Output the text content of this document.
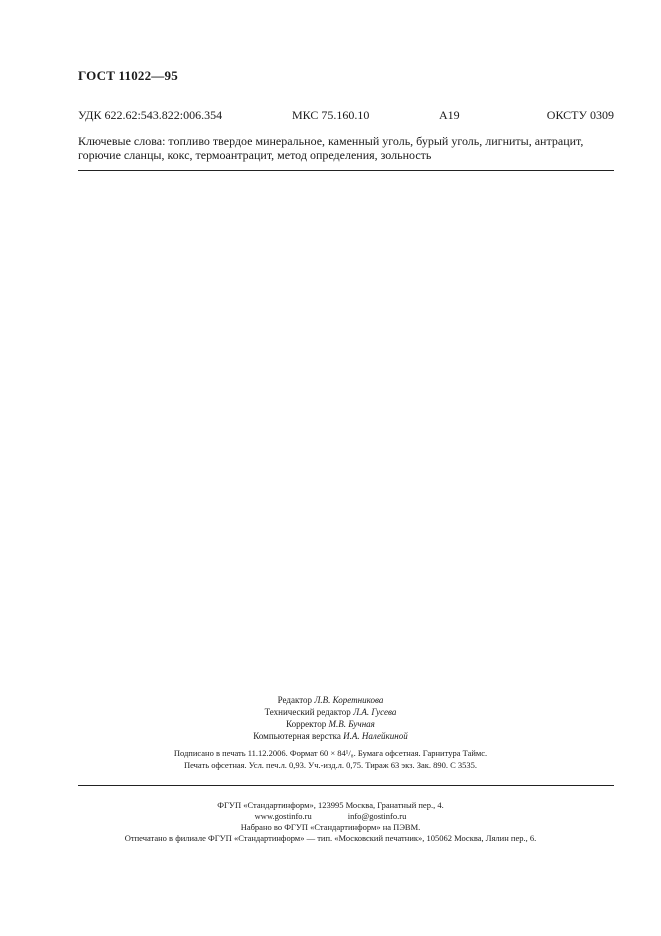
ГОСТ 11022—95
УДК 622.62:543.822:006.354	МКС 75.160.10	А19	ОКСТУ 0309
Ключевые слова: топливо твердое минеральное, каменный уголь, бурый уголь, лигниты, антрацит,
горючие сланцы, кокс, термоантрацит, метод определения, зольность
Редактор Л.В. Коретникова
Технический редактор Л.А. Гусева
Корректор М.В. Бучная
Компьютерная верстка И.А. Налейкиной
Подписано в печать 11.12.2006. Формат 60 × 84¹/₈. Бумага офсетная. Гарнитура Таймс.
Печать офсетная. Усл. печ.л. 0,93. Уч.-изд.л. 0,75. Тираж 63 экз. Зак. 890. С 3535.
ФГУП «Стандартинформ», 123995 Москва, Гранатный пер., 4.
www.gostinfo.ru	info@gostinfo.ru
Набрано во ФГУП «Стандартинформ» на ПЭВМ.
Отпечатано в филиале ФГУП «Стандартинформ» — тип. «Московский печатник», 105062 Москва, Лялин пер., 6.
